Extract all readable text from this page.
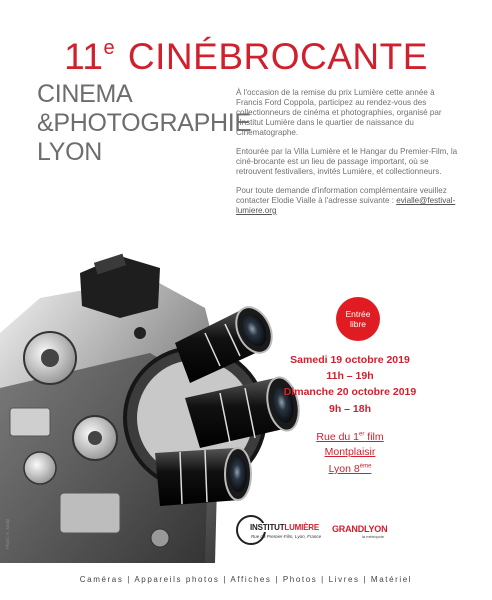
11e CINÉBROCANTE
CINEMA
&PHOTOGRAPHIE
LYON

À l'occasion de la remise du prix Lumière cette année à Francis Ford Coppola, participez au rendez-vous des collectionneurs de cinéma et photographies, organisé par l'Institut Lumière dans le quartier de naissance du Cinématographe.

Entourée par la Villa Lumière et le Hangar du Premier-Film, la ciné-brocante est un lieu de passage important, où se retrouvent festivaliers, invités Lumière, et collectionneurs.

Pour toute demande d'information complémentaire veuillez contacter Elodie Vialle à l'adresse suivante : evialle@festival-lumiere.org

Entrée
libre
Samedi 19 octobre 2019
11h – 19h
Dimanche 20 octobre 2019
9h – 18h
Rue du 1er film
Montplaisir
Lyon 8ème
INSTITUTLUMIÈRE
Rue du Premier-Film, Lyon, France
GRANDLYON
la métropole
Photo: A. Malpi
Caméras | Appareils photos | Affiches | Photos | Livres | Matériel
